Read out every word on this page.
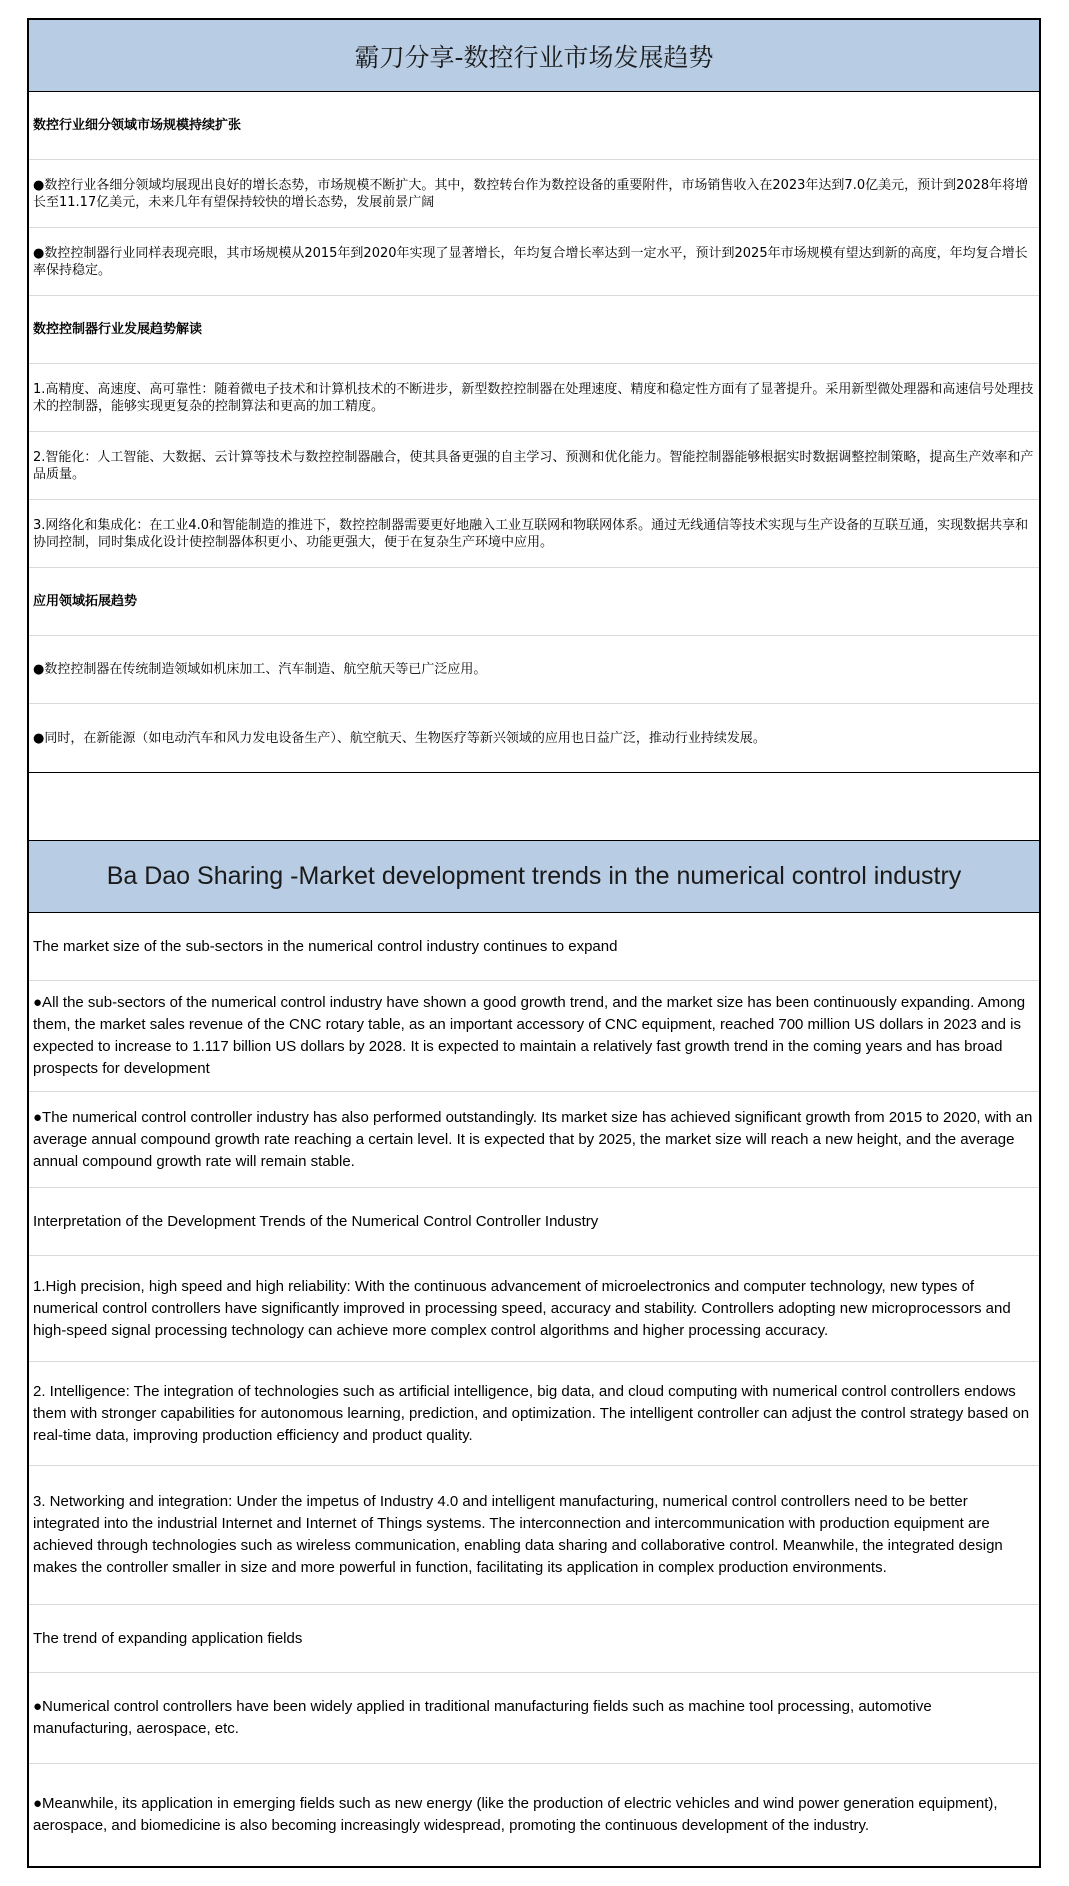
霸刀分享-数控行业市场发展趋势
数控行业细分领域市场规模持续扩张
●数控行业各细分领域均展现出良好的增长态势，市场规模不断扩大。其中，数控转台作为数控设备的重要附件，市场销售收入在2023年达到7.0亿美元，预计到2028年将增长至11.17亿美元，未来几年有望保持较快的增长态势，发展前景广阔
●数控控制器行业同样表现亮眼，其市场规模从2015年到2020年实现了显著增长，年均复合增长率达到一定水平，预计到2025年市场规模有望达到新的高度，年均复合增长率保持稳定。
数控控制器行业发展趋势解读
1.高精度、高速度、高可靠性：随着微电子技术和计算机技术的不断进步，新型数控控制器在处理速度、精度和稳定性方面有了显著提升。采用新型微处理器和高速信号处理技术的控制器，能够实现更复杂的控制算法和更高的加工精度。
2.智能化：人工智能、大数据、云计算等技术与数控控制器融合，使其具备更强的自主学习、预测和优化能力。智能控制器能够根据实时数据调整控制策略，提高生产效率和产品质量。
3.网络化和集成化：在工业4.0和智能制造的推进下，数控控制器需要更好地融入工业互联网和物联网体系。通过无线通信等技术实现与生产设备的互联互通，实现数据共享和协同控制，同时集成化设计使控制器体积更小、功能更强大，便于在复杂生产环境中应用。
应用领域拓展趋势
●数控控制器在传统制造领域如机床加工、汽车制造、航空航天等已广泛应用。
●同时，在新能源（如电动汽车和风力发电设备生产）、航空航天、生物医疗等新兴领域的应用也日益广泛，推动行业持续发展。
Ba Dao Sharing -Market development trends in the numerical control industry
The market size of the sub-sectors in the numerical control industry continues to expand
●All the sub-sectors of the numerical control industry have shown a good growth trend, and the market size has been continuously expanding. Among them, the market sales revenue of the CNC rotary table, as an important accessory of CNC equipment, reached 700 million US dollars in 2023 and is expected to increase to 1.117 billion US dollars by 2028. It is expected to maintain a relatively fast growth trend in the coming years and has broad prospects for development
●The numerical control controller industry has also performed outstandingly. Its market size has achieved significant growth from 2015 to 2020, with an average annual compound growth rate reaching a certain level. It is expected that by 2025, the market size will reach a new height, and the average annual compound growth rate will remain stable.
Interpretation of the Development Trends of the Numerical Control Controller Industry
1.High precision, high speed and high reliability: With the continuous advancement of microelectronics and computer technology, new types of numerical control controllers have significantly improved in processing speed, accuracy and stability. Controllers adopting new microprocessors and high-speed signal processing technology can achieve more complex control algorithms and higher processing accuracy.
2. Intelligence: The integration of technologies such as artificial intelligence, big data, and cloud computing with numerical control controllers endows them with stronger capabilities for autonomous learning, prediction, and optimization. The intelligent controller can adjust the control strategy based on real-time data, improving production efficiency and product quality.
3. Networking and integration: Under the impetus of Industry 4.0 and intelligent manufacturing, numerical control controllers need to be better integrated into the industrial Internet and Internet of Things systems. The interconnection and intercommunication with production equipment are achieved through technologies such as wireless communication, enabling data sharing and collaborative control. Meanwhile, the integrated design makes the controller smaller in size and more powerful in function, facilitating its application in complex production environments.
The trend of expanding application fields
●Numerical control controllers have been widely applied in traditional manufacturing fields such as machine tool processing, automotive manufacturing, aerospace, etc.
●Meanwhile, its application in emerging fields such as new energy (like the production of electric vehicles and wind power generation equipment), aerospace, and biomedicine is also becoming increasingly widespread, promoting the continuous development of the industry.
